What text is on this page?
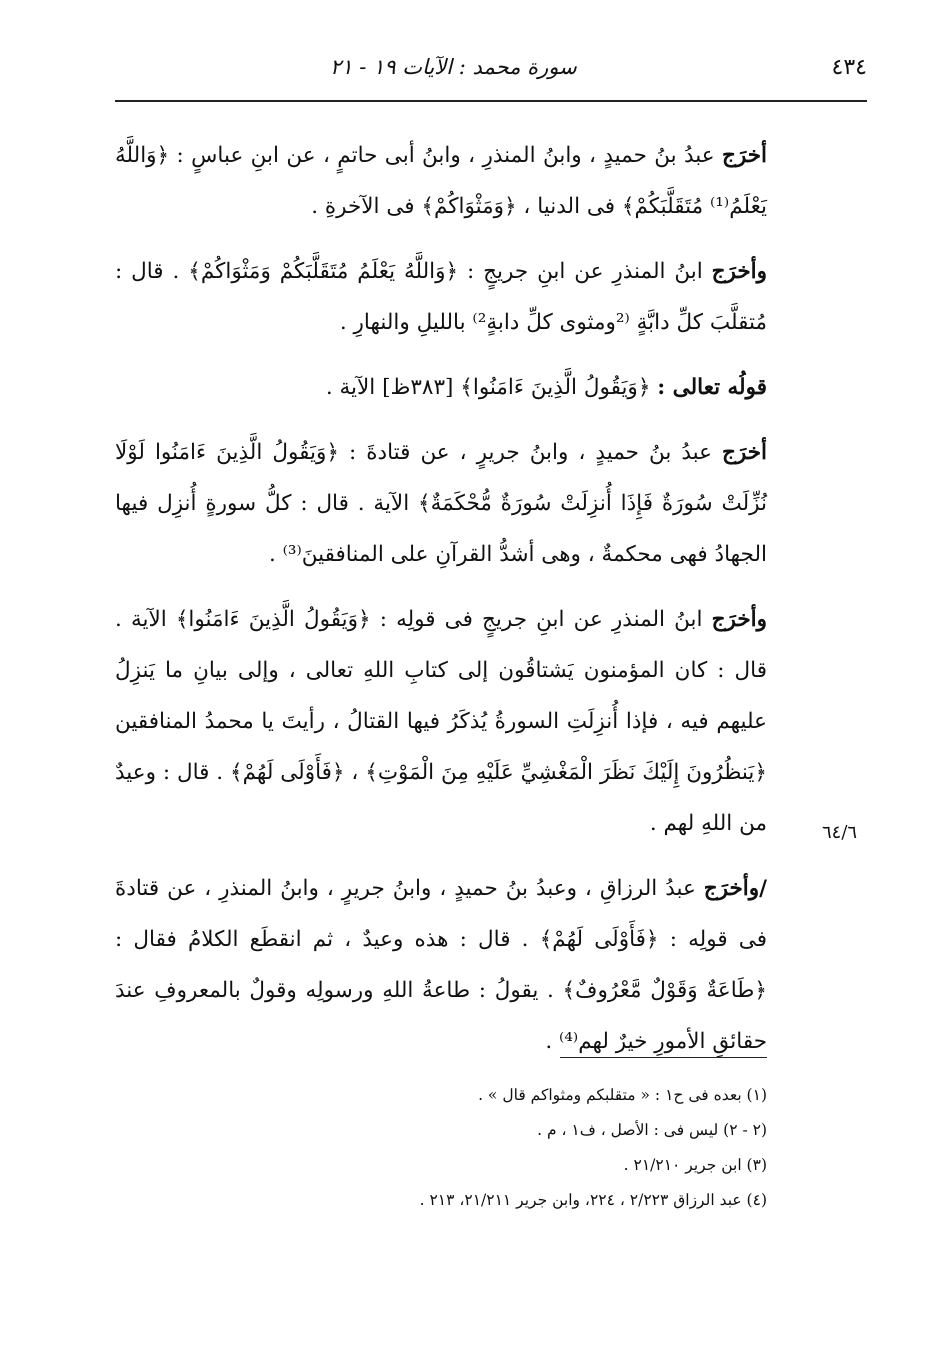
٤٣٤
سورة محمد : الآيات ١٩ - ٢١

أخرَج عبدُ بنُ حميدٍ ، وابنُ المنذرِ ، وابنُ أبى حاتمٍ ، عن ابنِ عباسٍ : ﴿وَاللَّهُ يَعْلَمُ⁽¹⁾ مُتَقَلَّبَكُمْ﴾ فى الدنيا ، ﴿وَمَثْوَاكُمْ﴾ فى الآخرةِ .

وأخرَج ابنُ المنذرِ عن ابنِ جريجٍ : ﴿وَاللَّهُ يَعْلَمُ مُتَقَلَّبَكُمْ وَمَثْوَاكُمْ﴾ . قال : مُتقلَّبَ كلِّ دابَّةٍ ⁽²ومثوى كلِّ دابةٍ²⁾ بالليلِ والنهارِ .

قولُه تعالى : ﴿وَيَقُولُ الَّذِينَ ءَامَنُوا﴾ [٣٨٣ظ] الآية .

أخرَج عبدُ بنُ حميدٍ ، وابنُ جريرٍ ، عن قتادةَ : ﴿وَيَقُولُ الَّذِينَ ءَامَنُوا لَوْلَا نُزِّلَتْ سُورَةٌ فَإِذَا أُنزِلَتْ سُورَةٌ مُّحْكَمَةٌ﴾ الآية . قال : كلُّ سورةٍ أُنزِل فيها الجهادُ فهى محكمةٌ ، وهى أشدُّ القرآنِ على المنافقينَ⁽³⁾ .

وأخرَج ابنُ المنذرِ عن ابنِ جريجٍ فى قولِه : ﴿وَيَقُولُ الَّذِينَ ءَامَنُوا﴾ الآية . قال : كان المؤمنون يَشتاقُون إلى كتابِ اللهِ تعالى ، وإلى بيانِ ما يَنزِلُ عليهم فيه ، فإذا أُنزِلَتِ السورةُ يُذكَرُ فيها القتالُ ، رأيتَ يا محمدُ المنافقين ﴿يَنظُرُونَ إِلَيْكَ نَظَرَ الْمَغْشِيِّ عَلَيْهِ مِنَ الْمَوْتِ﴾ ، ﴿فَأَوْلَى لَهُمْ﴾ . قال : وعيدٌ من اللهِ لهم .

/وأخرَج عبدُ الرزاقِ ، وعبدُ بنُ حميدٍ ، وابنُ جريرٍ ، وابنُ المنذرِ ، عن قتادةَ فى قولِه : ﴿فَأَوْلَى لَهُمْ﴾ . قال : هذه وعيدٌ ، ثم انقطَع الكلامُ فقال : ﴿طَاعَةٌ وَقَوْلٌ مَّعْرُوفٌ﴾ . يقولُ : طاعةُ اللهِ ورسولِه وقولٌ بالمعروفِ عندَ حقائقِ الأمورِ خيرٌ لهم⁽⁴⁾ .

٦٤/٦
(١) بعده فى ح١ : « متقلبكم ومثواكم قال » .
(٢ - ٢) ليس فى : الأصل ، ف١ ، م .
(٣) ابن جرير ٢١/٢١٠ .
(٤) عبد الرزاق ٢/٢٢٣ ، ٢٢٤، وابن جرير ٢١/٢١١، ٢١٣ .
